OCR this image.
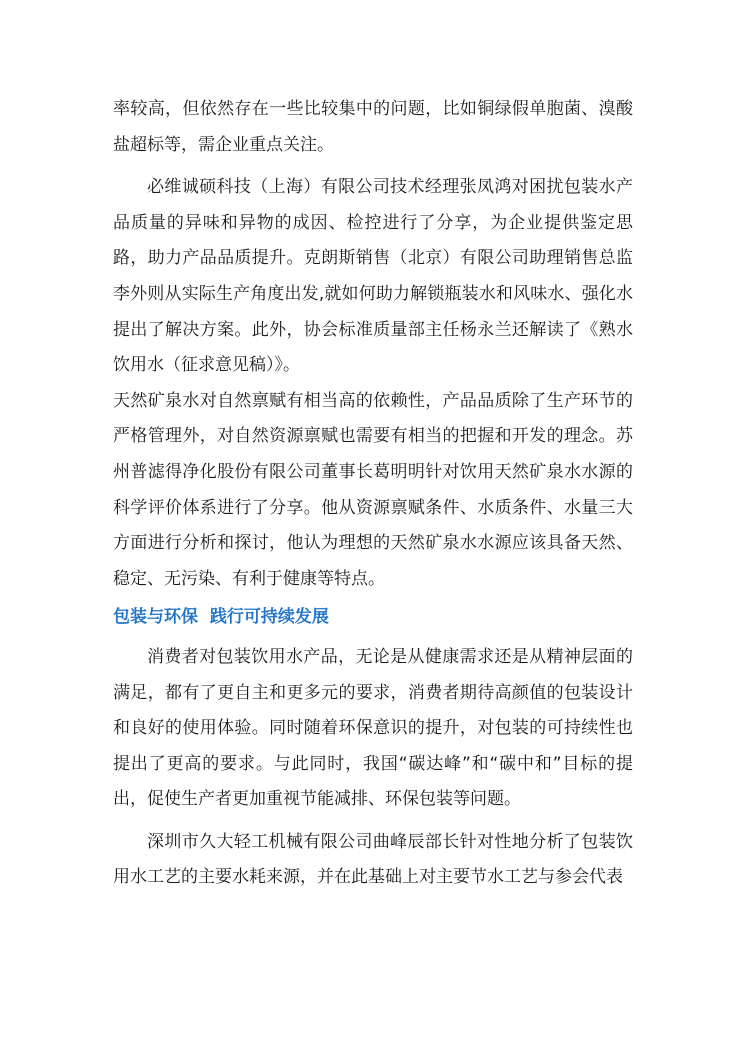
率较高，但依然存在一些比较集中的问题，比如铜绿假单胞菌、溴酸盐超标等，需企业重点关注。

必维诚硕科技（上海）有限公司技术经理张凤鸿对困扰包装水产品质量的异味和异物的成因、检控进行了分享，为企业提供鉴定思路，助力产品品质提升。克朗斯销售（北京）有限公司助理销售总监李外则从实际生产角度出发,就如何助力解锁瓶装水和风味水、强化水提出了解决方案。此外，协会标准质量部主任杨永兰还解读了《熟水饮用水（征求意见稿）》。

天然矿泉水对自然禀赋有相当高的依赖性，产品品质除了生产环节的严格管理外，对自然资源禀赋也需要有相当的把握和开发的理念。苏州普滤得净化股份有限公司董事长葛明明针对饮用天然矿泉水水源的科学评价体系进行了分享。他从资源禀赋条件、水质条件、水量三大方面进行分析和探讨，他认为理想的天然矿泉水水源应该具备天然、稳定、无污染、有利于健康等特点。

包装与环保  践行可持续发展

消费者对包装饮用水产品，无论是从健康需求还是从精神层面的满足，都有了更自主和更多元的要求，消费者期待高颜值的包装设计和良好的使用体验。同时随着环保意识的提升，对包装的可持续性也提出了更高的要求。与此同时，我国“碳达峰”和“碳中和”目标的提出，促使生产者更加重视节能减排、环保包装等问题。

深圳市久大轻工机械有限公司曲峰辰部长针对性地分析了包装饮用水工艺的主要水耗来源，并在此基础上对主要节水工艺与参会代表
